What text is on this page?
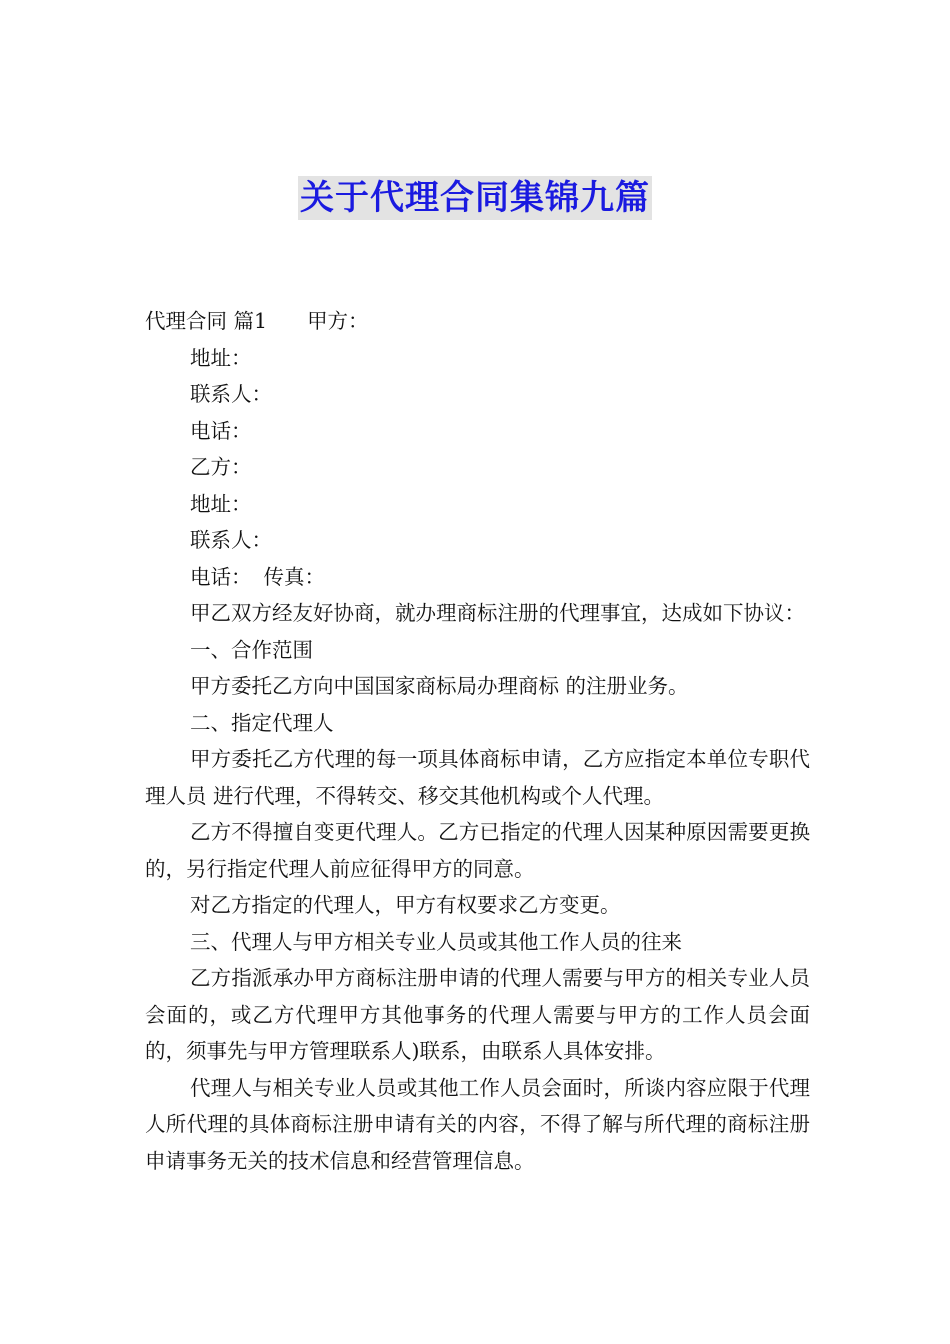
关于代理合同集锦九篇
代理合同 篇1 甲方：
地址：
联系人：
电话：
乙方：
地址：
联系人：
电话： 传真：
甲乙双方经友好协商，就办理商标注册的代理事宜，达成如下协议：
一、合作范围
甲方委托乙方向中国国家商标局办理商标 的注册业务。
二、指定代理人
甲方委托乙方代理的每一项具体商标申请，乙方应指定本单位专职代理人员 进行代理，不得转交、移交其他机构或个人代理。
乙方不得擅自变更代理人。乙方已指定的代理人因某种原因需要更换的，另行指定代理人前应征得甲方的同意。
对乙方指定的代理人，甲方有权要求乙方变更。
三、代理人与甲方相关专业人员或其他工作人员的往来
乙方指派承办甲方商标注册申请的代理人需要与甲方的相关专业人员会面的，或乙方代理甲方其他事务的代理人需要与甲方的工作人员会面的，须事先与甲方管理联系人)联系，由联系人具体安排。
代理人与相关专业人员或其他工作人员会面时，所谈内容应限于代理人所代理的具体商标注册申请有关的内容，不得了解与所代理的商标注册申请事务无关的技术信息和经营管理信息。
